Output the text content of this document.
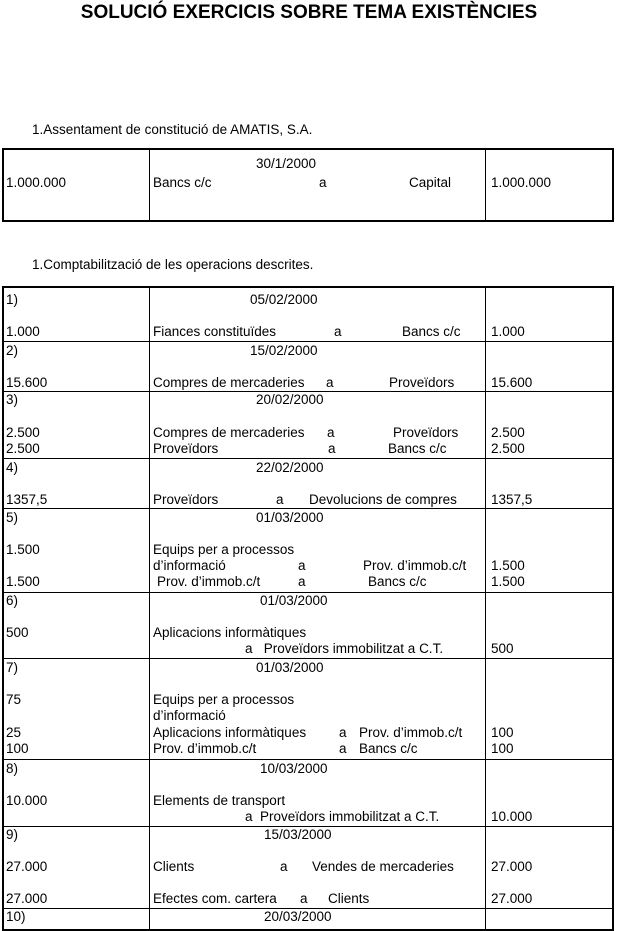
SOLUCIÓ EXERCICIS SOBRE TEMA EXISTÈNCIES
1.Assentament de constitució de AMATIS, S.A.
30/1/2000
1.000.000	Bancs c/c	a	Capital	1.000.000
1.Comptabilització de les operacions descrites.
1)	05/02/2000
1.000	Fiances constituïdes	a	Bancs c/c 1.000
2)	15/02/2000
15.600	Compres de mercaderies a	Proveïdors	15.600
3)	20/02/2000
2.500	Compres de mercaderies a	Proveïdors 2.500
2.500	Proveïdors	a	Bancs c/c	2.500
4)	22/02/2000
1357,5	Proveïdors	a Devolucions de compres	1357,5
5)	01/03/2000
1.500	Equips per a processos
d’informació	a	Prov. d’immob.c/t 1.500
1.500	Prov. d’immob.c/t	a	Bancs c/c	1.500
6)	01/03/2000
500	Aplicacions informàtiques
a   Proveïdors immobilitzat a C.T.	500
7)	01/03/2000
75	Equips per a processos
d’informació
25	Aplicacions informàtiques a Prov. d’immob.c/t 100
100	Prov. d’immob.c/t	a Bancs c/c	100
8)	10/03/2000
10.000	Elements de transport
a  Proveïdors immobilitzat a C.T.	10.000
9)	15/03/2000
27.000	Clients	a Vendes de mercaderies	27.000
27.000	Efectes com. cartera a Clients	27.000
10)	20/03/2000
